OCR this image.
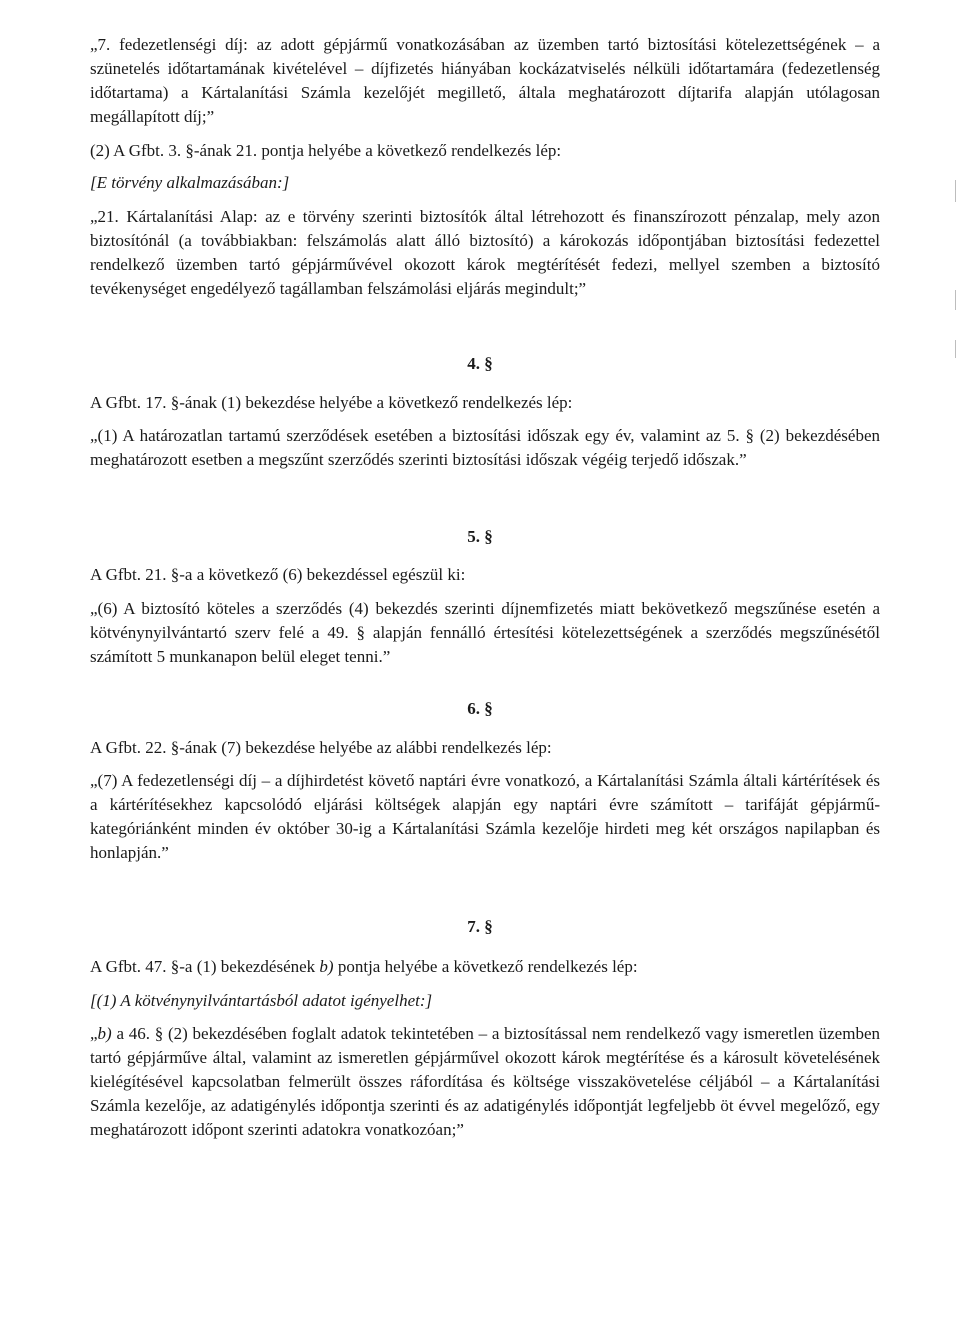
„7. fedezetlenségi díj: az adott gépjármű vonatkozásában az üzemben tartó biztosítási kötelezettségének – a szünetelés időtartamának kivételével – díjfizetés hiányában kockázatviselés nélküli időtartamára (fedezetlenség időtartama) a Kártalanítási Számla kezelőjét megillető, általa meghatározott díjtarifa alapján utólagosan megállapított díj;”

(2) A Gfbt. 3. §-ának 21. pontja helyébe a következő rendelkezés lép:

[E törvény alkalmazásában:]

„21. Kártalanítási Alap: az e törvény szerinti biztosítók által létrehozott és finanszírozott pénzalap, mely azon biztosítónál (a továbbiakban: felszámolás alatt álló biztosító) a károkozás időpontjában biztosítási fedezettel rendelkező üzemben tartó gépjárművével okozott károk megtérítését fedezi, mellyel szemben a biztosító tevékenységet engedélyező tagállamban felszámolási eljárás megindult;”

4. §

A Gfbt. 17. §-ának (1) bekezdése helyébe a következő rendelkezés lép:

„(1) A határozatlan tartamú szerződések esetében a biztosítási időszak egy év, valamint az 5. § (2) bekezdésében meghatározott esetben a megszűnt szerződés szerinti biztosítási időszak végéig terjedő időszak.”

5. §

A Gfbt. 21. §-a a következő (6) bekezdéssel egészül ki:

„(6) A biztosító köteles a szerződés (4) bekezdés szerinti díjnemfizetés miatt bekövetkező megszűnése esetén a kötvénynyilvántartó szerv felé a 49. § alapján fennálló értesítési kötelezettségének a szerződés megszűnésétől számított 5 munkanapon belül eleget tenni.”

6. §

A Gfbt. 22. §-ának (7) bekezdése helyébe az alábbi rendelkezés lép:

„(7) A fedezetlenségi díj – a díjhirdetést követő naptári évre vonatkozó, a Kártalanítási Számla általi kártérítések és a kártérítésekhez kapcsolódó eljárási költségek alapján egy naptári évre számított – tarifáját gépjármű-kategóriánként minden év október 30-ig a Kártalanítási Számla kezelője hirdeti meg két országos napilapban és honlapján.”

7. §

A Gfbt. 47. §-a (1) bekezdésének b) pontja helyébe a következő rendelkezés lép:

[(1) A kötvénynyilvántartásból adatot igényelhet:]

„b) a 46. § (2) bekezdésében foglalt adatok tekintetében – a biztosítással nem rendelkező vagy ismeretlen üzemben tartó gépjárműve által, valamint az ismeretlen gépjárművel okozott károk megtérítése és a károsult követelésének kielégítésével kapcsolatban felmerült összes ráfordítása és költsége visszakövetelése céljából – a Kártalanítási Számla kezelője, az adatigénylés időpontja szerinti és az adatigénylés időpontját legfeljebb öt évvel megelőző, egy meghatározott időpont szerinti adatokra vonatkozóan;”
